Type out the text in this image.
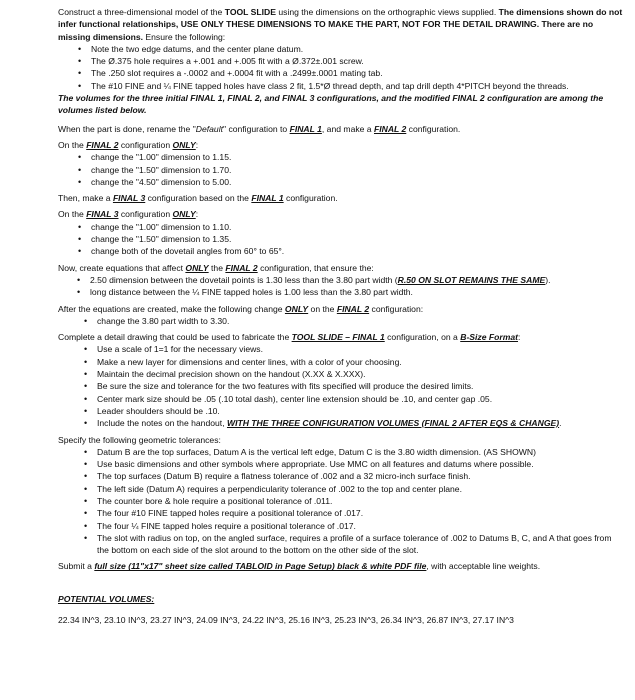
Construct a three-dimensional model of the TOOL SLIDE using the dimensions on the orthographic views supplied. The dimensions shown do not infer functional relationships, USE ONLY THESE DIMENSIONS TO MAKE THE PART, NOT FOR THE DETAIL DRAWING. There are no missing dimensions. Ensure the following:

• Note the two edge datums, and the center plane datum.
• The Ø.375 hole requires a +.001 and +.005 fit with a Ø.372±.001 screw.
• The .250 slot requires a -.0002 and +.0004 fit with a .2499±.0001 mating tab.
• The #10 FINE and ¼ FINE tapped holes have class 2 fit, 1.5*Ø thread depth, and tap drill depth 4*PITCH beyond the threads.

The volumes for the three initial FINAL 1, FINAL 2, and FINAL 3 configurations, and the modified FINAL 2 configuration are among the volumes listed below.

When the part is done, rename the "Default" configuration to FINAL 1, and make a FINAL 2 configuration.

On the FINAL 2 configuration ONLY:

• change the "1.00" dimension to 1.15.
• change the "1.50" dimension to 1.70.
• change the "4.50" dimension to 5.00.

Then, make a FINAL 3 configuration based on the FINAL 1 configuration.

On the FINAL 3 configuration ONLY:

• change the "1.00" dimension to 1.10.
• change the "1.50" dimension to 1.35.
• change both of the dovetail angles from 60° to 65°.

Now, create equations that affect ONLY the FINAL 2 configuration, that ensure the:

• 2.50 dimension between the dovetail points is 1.30 less than the 3.80 part width (R.50 ON SLOT REMAINS THE SAME).
• long distance between the ¼ FINE tapped holes is 1.00 less than the 3.80 part width.

After the equations are created, make the following change ONLY on the FINAL 2 configuration:

• change the 3.80 part width to 3.30.

Complete a detail drawing that could be used to fabricate the TOOL SLIDE – FINAL 1 configuration, on a B-Size Format:

• Use a scale of 1=1 for the necessary views.
• Make a new layer for dimensions and center lines, with a color of your choosing.
• Maintain the decimal precision shown on the handout (X.XX & X.XXX).
• Be sure the size and tolerance for the two features with fits specified will produce the desired limits.
• Center mark size should be .05 (.10 total dash), center line extension should be .10, and center gap .05.
• Leader shoulders should be .10.
• Include the notes on the handout, WITH THE THREE CONFIGURATION VOLUMES (FINAL 2 AFTER EQS & CHANGE).

Specify the following geometric tolerances:

• Datum B are the top surfaces, Datum A is the vertical left edge, Datum C is the 3.80 width dimension. (AS SHOWN)
• Use basic dimensions and other symbols where appropriate. Use MMC on all features and datums where possible.
• The top surfaces (Datum B) require a flatness tolerance of .002 and a 32 micro-inch surface finish.
• The left side (Datum A) requires a perpendicularity tolerance of .002 to the top and center plane.
• The counter bore & hole require a positional tolerance of .011.
• The four #10 FINE tapped holes require a positional tolerance of .017.
• The four ¼ FINE tapped holes require a positional tolerance of .017.
• The slot with radius on top, on the angled surface, requires a profile of a surface tolerance of .002 to Datums B, C, and A that goes from the bottom on each side of the slot around to the bottom on the other side of the slot.

Submit a full size (11"x17" sheet size called TABLOID in Page Setup) black & white PDF file, with acceptable line weights.

POTENTIAL VOLUMES:

22.34 IN^3, 23.10 IN^3, 23.27 IN^3, 24.09 IN^3, 24.22 IN^3, 25.16 IN^3, 25.23 IN^3, 26.34 IN^3, 26.87 IN^3, 27.17 IN^3
